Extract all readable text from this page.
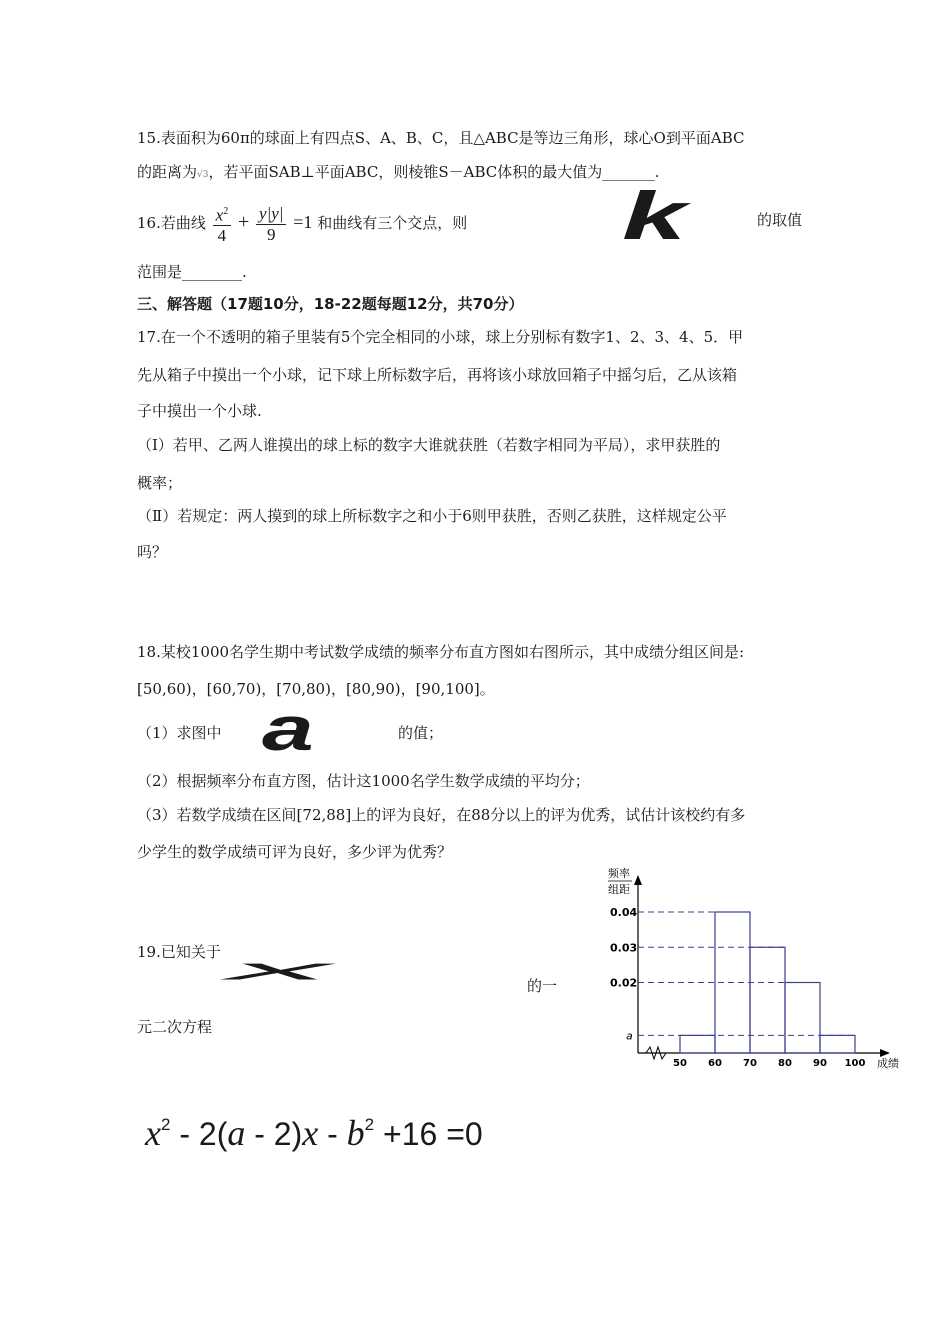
15.表面积为60π的球面上有四点S、A、B、C，且△ABC是等边三角形，球心O到平面ABC
的距离为√3，若平面SAB⊥平面ABC，则棱锥S－ABC体积的最大值为_______.
16.若曲线 $\frac{x^2}{4} + \frac{y|y|}{9} =1$ 和曲线有三个交点，则 k	的取值
范围是________.
三、解答题（17题10分，18-22题每题12分，共70分）
17.在一个不透明的箱子里装有5个完全相同的小球，球上分别标有数字1、2、3、4、5．甲
先从箱子中摸出一个小球，记下球上所标数字后，再将该小球放回箱子中摇匀后，乙从该箱
子中摸出一个小球.
（Ⅰ）若甲、乙两人谁摸出的球上标的数字大谁就获胜（若数字相同为平局），求甲获胜的
概率；
（Ⅱ）若规定：两人摸到的球上所标数字之和小于6则甲获胜，否则乙获胜，这样规定公平
吗？
18.某校1000名学生期中考试数学成绩的频率分布直方图如右图所示，其中成绩分组区间是:
[50,60)，[60,70)，[70,80)，[80,90)，[90,100]。
（1）求图中 a	的值；
（2）根据频率分布直方图，估计这1000名学生数学成绩的平均分；
（3）若数学成绩在区间[72,88]上的评为良好，在88分以上的评为优秀，试估计该校约有多
少学生的数学成绩可评为良好，多少评为优秀？
19.已知关于
x	的一
元二次方程
$x^2 - 2(a - 2)x - b^2 +16 =0$
频率
组距
0.04
0.03
0.02
a
50 60 70 80 90 100 成绩
